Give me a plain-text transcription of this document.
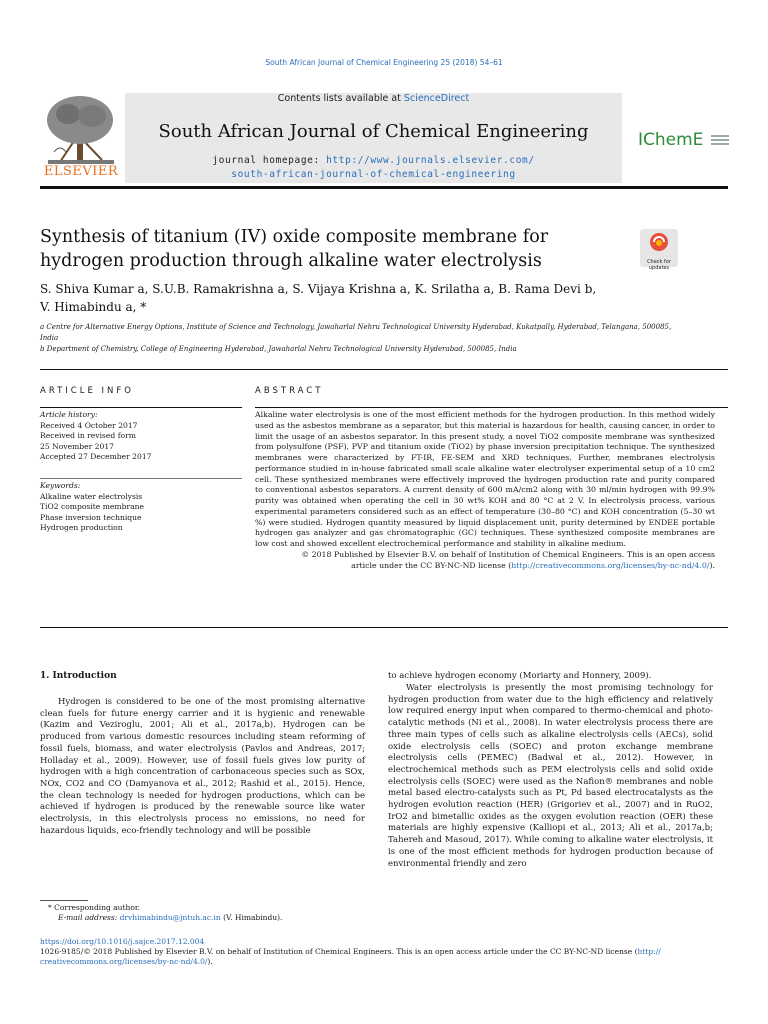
South African Journal of Chemical Engineering 25 (2018) 54–61
ELSEVIER
Contents lists available at ScienceDirect
South African Journal of Chemical Engineering
journal homepage: http://www.journals.elsevier.com/
south-african-journal-of-chemical-engineering
IChemE
Synthesis of titanium (IV) oxide composite membrane for hydrogen production through alkaline water electrolysis	Check for updates
S. Shiva Kumar a, S.U.B. Ramakrishna a, S. Vijaya Krishna a, K. Srilatha a, B. Rama Devi b,
V. Himabindu a, *
a Centre for Alternative Energy Options, Institute of Science and Technology, Jawaharlal Nehru Technological University Hyderabad, Kukatpally, Hyderabad, Telangana, 500085, India
b Department of Chemistry, College of Engineering Hyderabad, Jawaharlal Nehru Technological University Hyderabad, 500085, India
ARTICLE INFO	ABSTRACT
Article history:
Received 4 October 2017
Received in revised form
25 November 2017
Accepted 27 December 2017
Keywords:
Alkaline water electrolysis
TiO2 composite membrane
Phase inversion technique
Hydrogen production
Alkaline water electrolysis is one of the most efficient methods for the hydrogen production. In this method widely used as the asbestos membrane as a separator, but this material is hazardous for health, causing cancer, in order to limit the usage of an asbestos separator. In this present study, a novel TiO2 composite membrane was synthesized from polysulfone (PSF), PVP and titanium oxide (TiO2) by phase inversion precipitation technique. The synthesized membranes were characterized by FT-IR, FE-SEM and XRD techniques. Further, membranes electrolysis performance studied in in-house fabricated small scale alkaline water electrolyser experimental setup of a 10 cm2 cell. These synthesized membranes were effectively improved the hydrogen production rate and purity compared to conventional asbestos separators. A current density of 600 mA/cm2 along with 30 ml/min hydrogen with 99.9% purity was obtained when operating the cell in 30 wt% KOH and 80 °C at 2 V. In electrolysis process, various experimental parameters considered such as an effect of temperature (30–80 °C) and KOH concentration (5–30 wt %) were studied. Hydrogen quantity measured by liquid displacement unit, purity determined by ENDEE portable hydrogen gas analyzer and gas chromatographic (GC) techniques. These synthesized composite membranes are low cost and showed excellent electrochemical performance and stability in alkaline medium.
© 2018 Published by Elsevier B.V. on behalf of Institution of Chemical Engineers. This is an open access
article under the CC BY-NC-ND license (http://creativecommons.org/licenses/by-nc-nd/4.0/).
1. Introduction
Hydrogen is considered to be one of the most promising alternative clean fuels for future energy carrier and it is hygienic and renewable (Kazim and Veziroglu, 2001; Ali et al., 2017a,b). Hydrogen can be produced from various domestic resources including steam reforming of fossil fuels, biomass, and water electrolysis (Pavlos and Andreas, 2017; Holladay et al., 2009). However, use of fossil fuels gives low purity of hydrogen with a high concentration of carbonaceous species such as SOx, NOx, CO2 and CO (Damyanova et al., 2012; Rashid et al., 2015). Hence, the clean technology is needed for hydrogen productions, which can be achieved if hydrogen is produced by the renewable source like water electrolysis, in this electrolysis process no emissions, no need for hazardous liquids, eco-friendly technology and will be possible
to achieve hydrogen economy (Moriarty and Honnery, 2009).
Water electrolysis is presently the most promising technology for hydrogen production from water due to the high efficiency and relatively low required energy input when compared to thermo-chemical and photo-catalytic methods (Ni et al., 2008). In water electrolysis process there are three main types of cells such as alkaline electrolysis cells (AECs), solid oxide electrolysis cells (SOEC) and proton exchange membrane electrolysis cells (PEMEC) (Badwal et al., 2012). However, in electrochemical methods such as PEM electrolysis cells and solid oxide electrolysis cells (SOEC) were used as the Nafion® membranes and noble metal based electro-catalysts such as Pt, Pd based electrocatalysts as the hydrogen evolution reaction (HER) (Grigoriev et al., 2007) and in RuO2, IrO2 and bimetallic oxides as the oxygen evolution reaction (OER) these materials are highly expensive (Kalliopi et al., 2013; Ali et al., 2017a,b; Tahereh and Masoud, 2017). While coming to alkaline water electrolysis, it is one of the most efficient methods for hydrogen production because of environmental friendly and zero
* Corresponding author.
E-mail address: drvhimabindu@jntuh.ac.in (V. Himabindu).
https://doi.org/10.1016/j.sajce.2017.12.004
1026-9185/© 2018 Published by Elsevier B.V. on behalf of Institution of Chemical Engineers. This is an open access article under the CC BY-NC-ND license (http://
creativecommons.org/licenses/by-nc-nd/4.0/).
